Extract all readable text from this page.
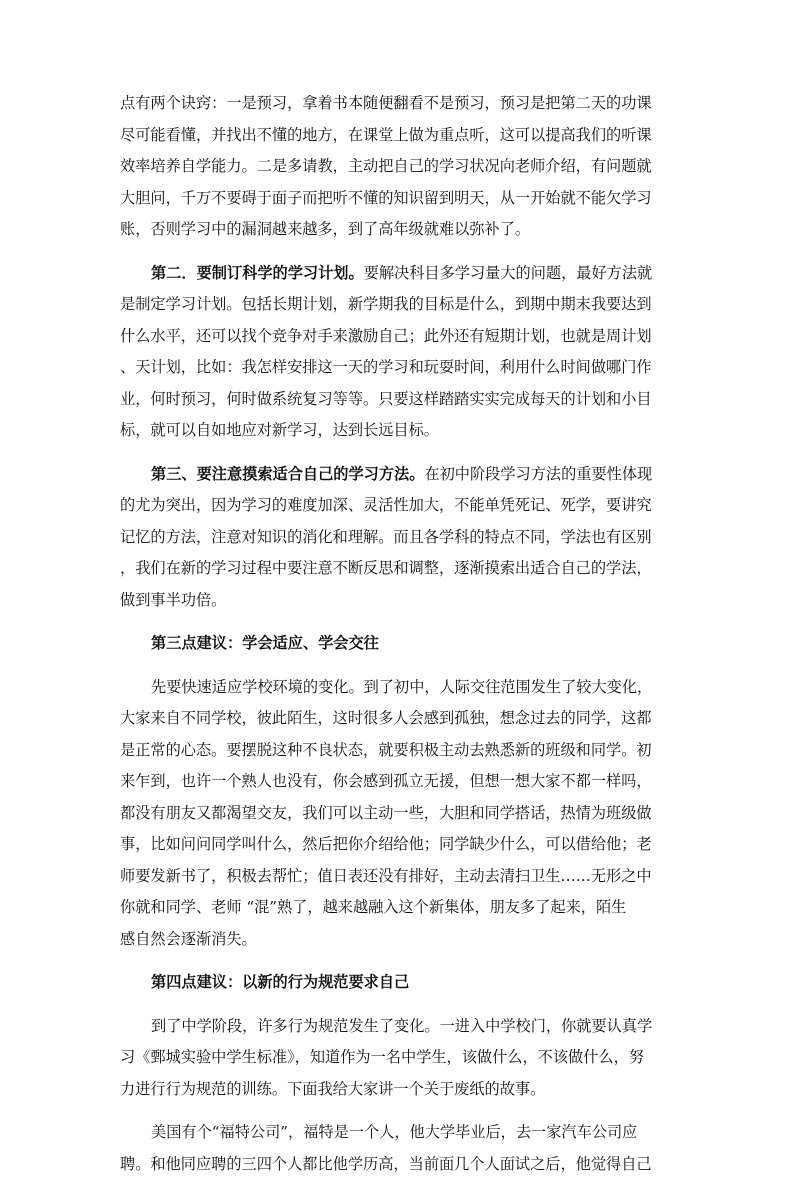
点有两个诀窍：一是预习，拿着书本随便翻看不是预习，预习是把第二天的功课
尽可能看懂，并找出不懂的地方，在课堂上做为重点听，这可以提高我们的听课
效率培养自学能力。二是多请教，主动把自己的学习状况向老师介绍，有问题就
大胆问，千万不要碍于面子而把听不懂的知识留到明天，从一开始就不能欠学习
账，否则学习中的漏洞越来越多，到了高年级就难以弥补了。

第二．要制订科学的学习计划。要解决科目多学习量大的问题，最好方法就
是制定学习计划。包括长期计划，新学期我的目标是什么，到期中期末我要达到
什么水平，还可以找个竞争对手来激励自己；此外还有短期计划，也就是周计划
、天计划，比如：我怎样安排这一天的学习和玩耍时间，利用什么时间做哪门作
业，何时预习，何时做系统复习等等。只要这样踏踏实实完成每天的计划和小目
标，就可以自如地应对新学习，达到长远目标。

第三、要注意摸索适合自己的学习方法。在初中阶段学习方法的重要性体现
的尤为突出，因为学习的难度加深、灵活性加大，不能单凭死记、死学，要讲究
记忆的方法，注意对知识的消化和理解。而且各学科的特点不同，学法也有区别
，我们在新的学习过程中要注意不断反思和调整，逐渐摸索出适合自己的学法，
做到事半功倍。

第三点建议：学会适应、学会交往

先要快速适应学校环境的变化。到了初中，人际交往范围发生了较大变化，
大家来自不同学校，彼此陌生，这时很多人会感到孤独，想念过去的同学，这都
是正常的心态。要摆脱这种不良状态，就要积极主动去熟悉新的班级和同学。初
来乍到，也许一个熟人也没有，你会感到孤立无援，但想一想大家不都一样吗，
都没有朋友又都渴望交友，我们可以主动一些，大胆和同学搭话，热情为班级做
事，比如问问同学叫什么，然后把你介绍给他；同学缺少什么，可以借给他；老
师要发新书了，积极去帮忙；值日表还没有排好，主动去清扫卫生……无形之中
你就和同学、老师 “混”熟了，越来越融入这个新集体，朋友多了起来，陌生
感自然会逐渐消失。

第四点建议：以新的行为规范要求自己

到了中学阶段，许多行为规范发生了变化。一进入中学校门，你就要认真学
习《鄄城实验中学生标准》，知道作为一名中学生，该做什么，不该做什么，努
力进行行为规范的训练。下面我给大家讲一个关于废纸的故事。

美国有个“福特公司”，福特是一个人，他大学毕业后，去一家汽车公司应
聘。和他同应聘的三四个人都比他学历高，当前面几个人面试之后，他觉得自己
